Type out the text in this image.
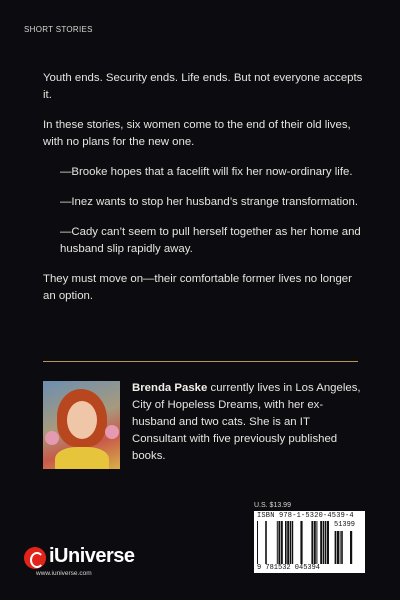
SHORT STORIES

Youth ends. Security ends. Life ends. But not everyone accepts it.

In these stories, six women come to the end of their old lives, with no plans for the new one.

—Brooke hopes that a facelift will fix her now-ordinary life.

—Inez wants to stop her husband’s strange transformation.

—Cady can’t seem to pull herself together as her home and husband slip rapidly away.

They must move on—their comfortable former lives no longer an option.

Brenda Paske currently lives in Los Angeles, City of Hopeless Dreams, with her ex-husband and two cats. She is an IT Consultant with five previously published books.
U.S. $13.99
ISBN 978-1-5320-4539-4
51399
9 781532 045394
iUniverse
www.iuniverse.com
